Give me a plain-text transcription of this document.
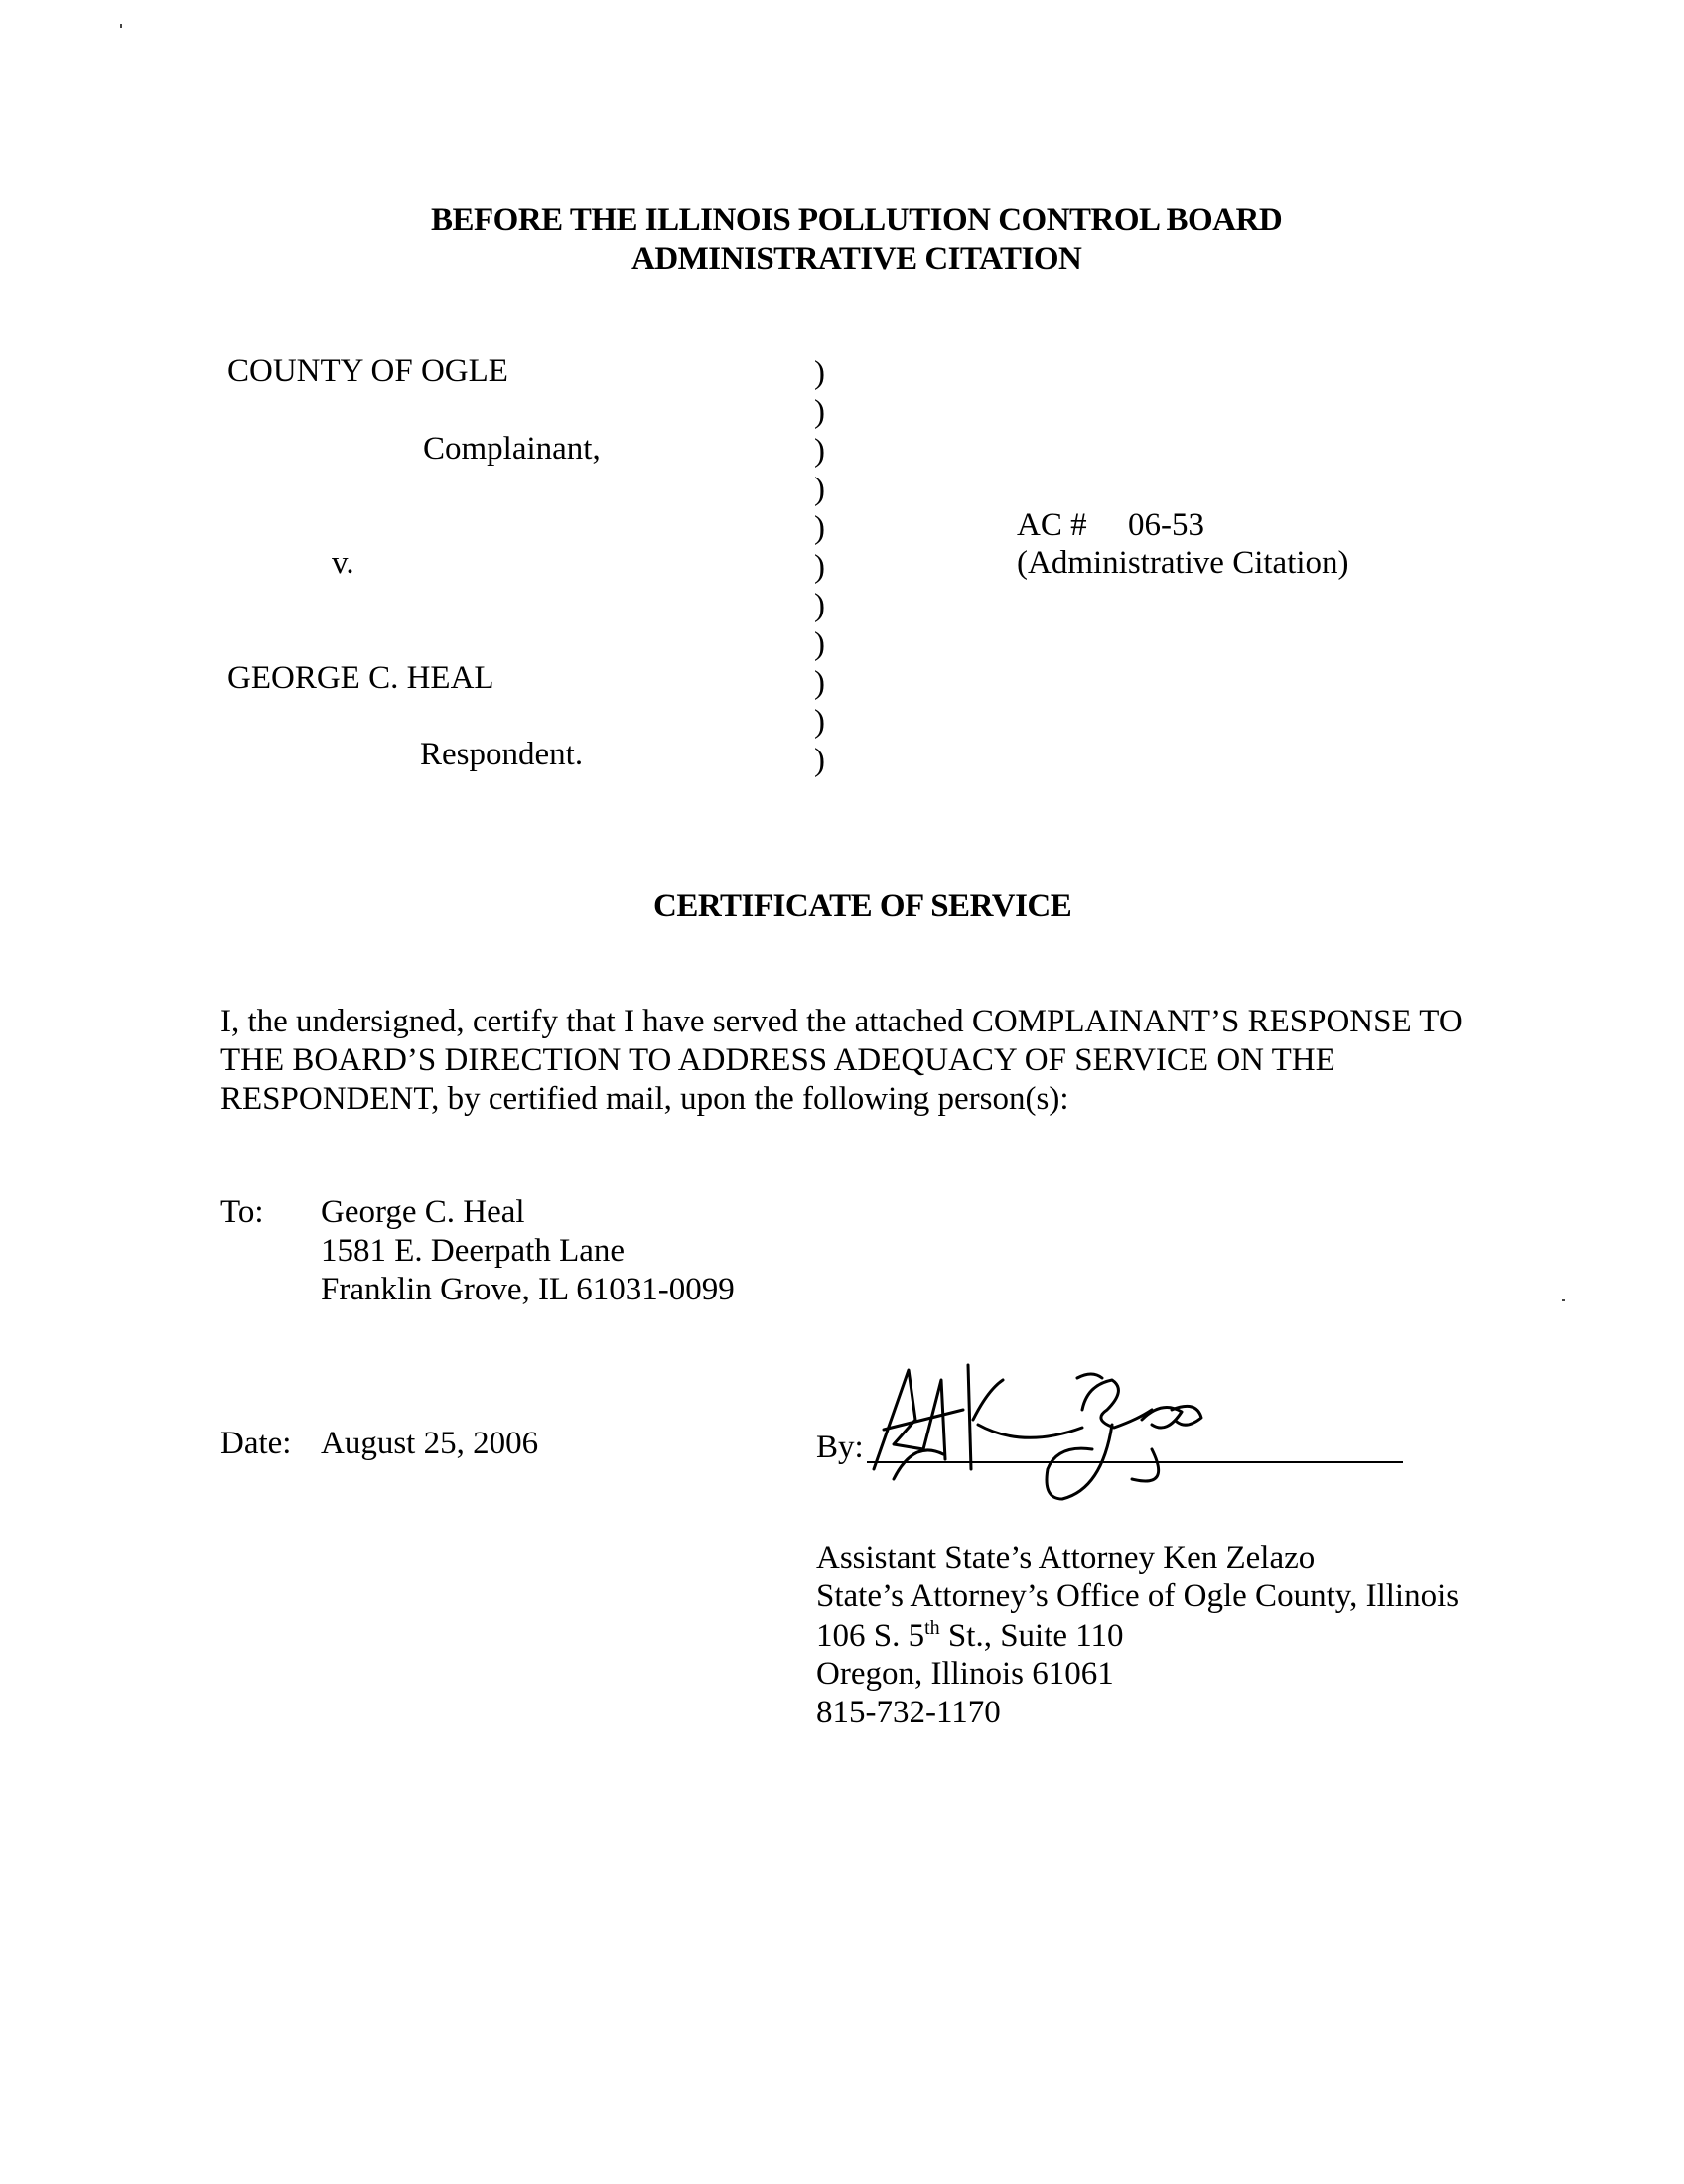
BEFORE THE ILLINOIS POLLUTION CONTROL BOARD
ADMINISTRATIVE CITATION
COUNTY OF OGLE
Complainant,
v.
GEORGE C. HEAL
Respondent.
)
)
)
)
)
)
)
)
)
)
)
AC # 06-53
(Administrative Citation)
CERTIFICATE OF SERVICE
I, the undersigned, certify that I have served the attached COMPLAINANT’S RESPONSE TO THE BOARD’S DIRECTION TO ADDRESS ADEQUACY OF SERVICE ON THE RESPONDENT, by certified mail, upon the following person(s):
To: George C. Heal
1581 E. Deerpath Lane
Franklin Grove, IL 61031-0099
Date: August 25, 2006	By:
Assistant State’s Attorney Ken Zelazo
State’s Attorney’s Office of Ogle County, Illinois
106 S. 5th St., Suite 110
Oregon, Illinois 61061
815-732-1170
